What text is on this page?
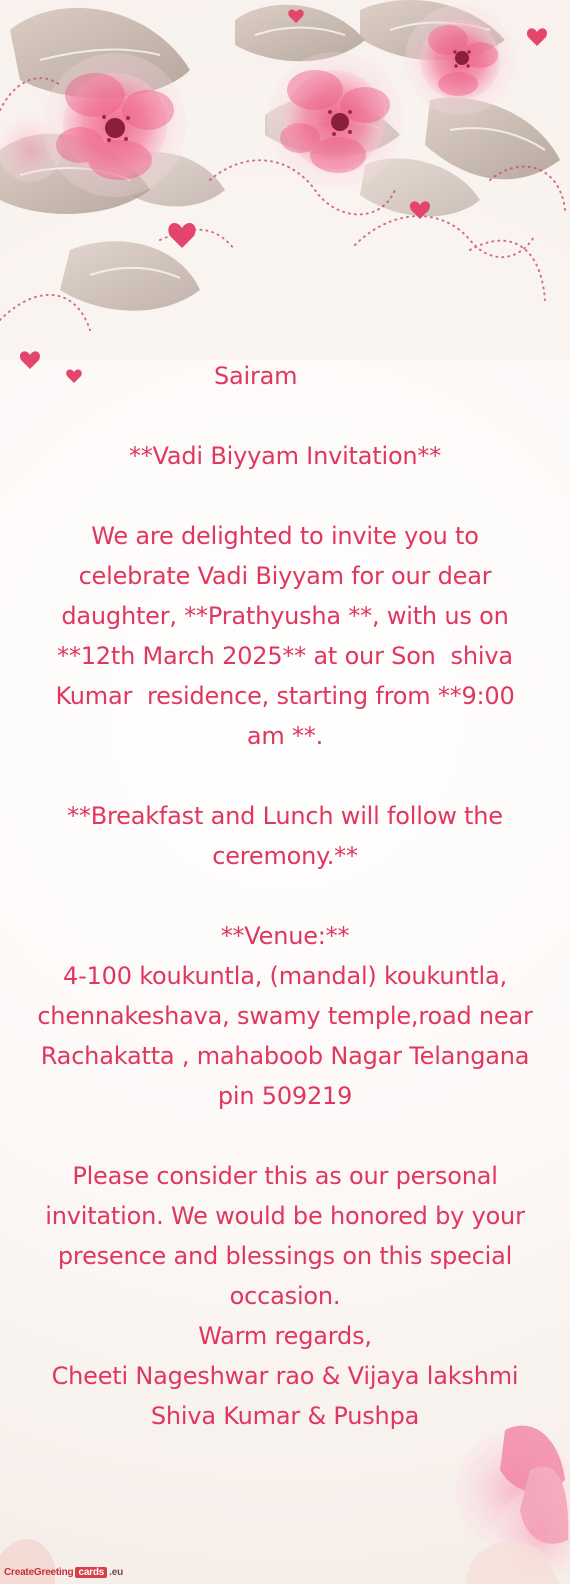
Sairam
**Vadi Biyyam Invitation**
We are delighted to invite you to
celebrate Vadi Biyyam for our dear
daughter, **Prathyusha **, with us on
**12th March 2025** at our Son  shiva
Kumar  residence, starting from **9:00
am **.
**Breakfast and Lunch will follow the
ceremony.**
**Venue:**
4-100 koukuntla, (mandal) koukuntla,
chennakeshava, swamy temple,road near
Rachakatta , mahaboob Nagar Telangana
pin 509219
Please consider this as our personal
invitation. We would be honored by your
presence and blessings on this special
occasion.
Warm regards,
Cheeti Nageshwar rao & Vijaya lakshmi
Shiva Kumar & Pushpa
CreateGreeting cards .eu
